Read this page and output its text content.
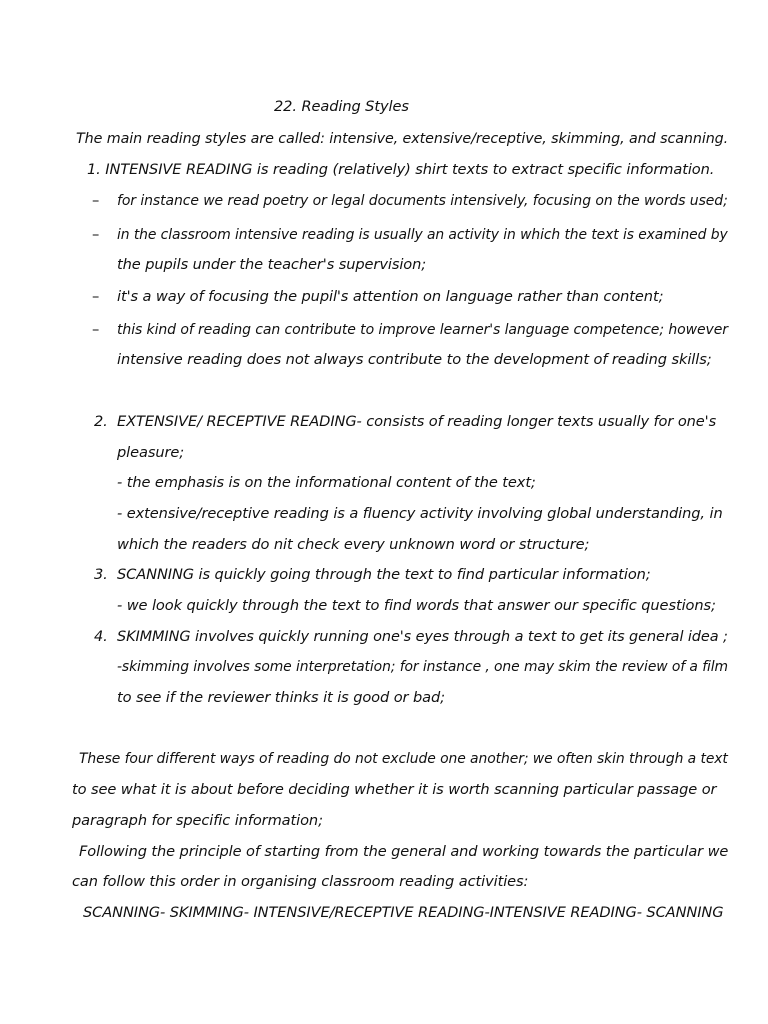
22. Reading Styles
The main reading styles are called: intensive, extensive/receptive, skimming, and scanning.
1. INTENSIVE READING is reading (relatively) shirt texts to extract specific information.
– for instance we read poetry or legal documents intensively, focusing on the words used;
– in the classroom intensive reading is usually an activity in which the text is examined by
the pupils under the teacher's supervision;
– it's a way of focusing the pupil's attention on language rather than content;
– this kind of reading can contribute to improve learner's language competence; however
intensive reading does not always contribute to the development of reading skills;
2. EXTENSIVE/ RECEPTIVE READING- consists of reading longer texts usually for one's
pleasure;
- the emphasis is on the informational content of the text;
- extensive/receptive reading is a fluency activity involving global understanding, in
which the readers do nit check every unknown word or structure;
3. SCANNING is quickly going through the text to find particular information;
- we look quickly through the text to find words that answer our specific questions;
4. SKIMMING involves quickly running one's eyes through a text to get its general idea ;
-skimming involves some interpretation; for instance , one may skim the review of a film
to see if the reviewer thinks it is good or bad;
These four different ways of reading do not exclude one another; we often skin through a text
to see what it is about before deciding whether it is worth scanning particular passage or
paragraph for specific information;
Following the principle of starting from the general and working towards the particular we
can follow this order in organising classroom reading activities:
SCANNING- SKIMMING- INTENSIVE/RECEPTIVE READING-INTENSIVE READING- SCANNING
